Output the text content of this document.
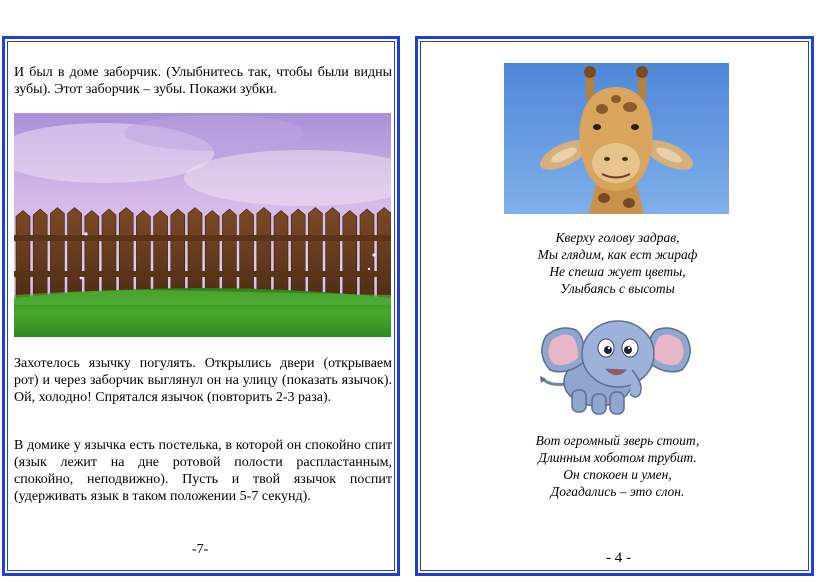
И был в доме заборчик. (Улыбнитесь так, чтобы были видны зубы). Этот заборчик – зубы. Покажи зубки.

Захотелось язычку погулять. Открылись двери (открываем рот) и через заборчик выглянул он на улицу (показать язычок). Ой, холодно! Спрятался язычок (повторить 2-3 раза).

В домике у язычка есть постелька, в которой он спокойно спит (язык лежит на дне ротовой полости распластанным, спокойно, неподвижно). Пусть и твой язычок поспит (удерживать язык в таком положении 5-7 секунд).

-7-
Кверху голову задрав,
Мы глядим, как ест жираф
Не спеша жует цветы,
Улыбаясь с высоты
Вот огромный зверь стоит,
Длинным хоботом трубит.
Он спокоен и умен,
Догадались – это слон.
- 4 -
